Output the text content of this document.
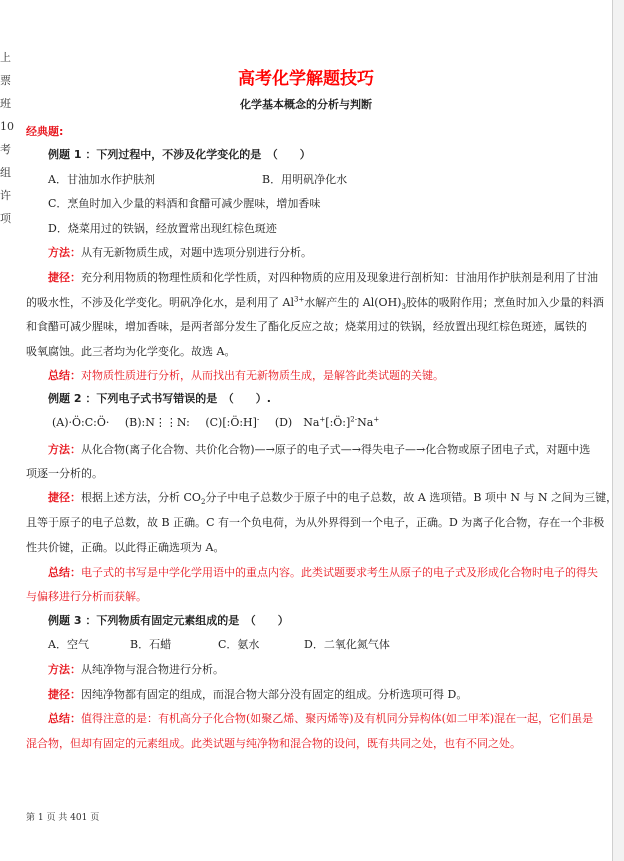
上
票
班
10
考
组
许
项
高考化学解题技巧
化学基本概念的分析与判断
经典题:
例题 1 ：下列过程中，不涉及化学变化的是　（　　）
A．甘油加水作护肤剂	B．用明矾净化水
C．烹鱼时加入少量的料酒和食醋可减少腥味，增加香味
D．烧菜用过的铁锅，经放置常出现红棕色斑迹
方法：从有无新物质生成，对题中选项分别进行分析。
捷径：充分利用物质的物理性质和化学性质，对四种物质的应用及现象进行剖析知：甘油用作护肤剂是利用了甘油
的吸水性，不涉及化学变化。明矾净化水，是利用了 $Al^{3+}$水解产生的 $Al(OH)_3$胶体的吸附作用；烹鱼时加入少量的料酒
和食醋可减少腥味，增加香味，是两者部分发生了酯化反应之故；烧菜用过的铁锅，经放置出现红棕色斑迹，属铁的
吸氧腐蚀。此三者均为化学变化。故选 A。
总结：对物质性质进行分析，从而找出有无新物质生成，是解答此类试题的关键。
例题 2 ：下列电子式书写错误的是　（　　）.
(A)·Ö:C:Ö· (B):N⋮⋮N: (C)[:Ö:H]- (D)　Na+[:Ö:]$^{2-}$Na+
方法：从化合物(离子化合物、共价化合物)—→原子的电子式—→得失电子—→化合物或原子团电子式，对题中选
项逐一分析的。
捷径：根据上述方法，分析 $CO_2$分子中电子总数少于原子中的电子总数，故 A 选项错。B 项中 N 与 N 之间为三键，
且等于原子的电子总数，故 B 正确。C 有一个负电荷，为从外界得到一个电子，正确。D 为离子化合物，存在一个非极
性共价键，正确。以此得正确选项为 A。
总结：电子式的书写是中学化学用语中的重点内容。此类试题要求考生从原子的电子式及形成化合物时电子的得失
与偏移进行分析而获解。
例题 3 ：下列物质有固定元素组成的是　（　　）
A．空气	B．石蜡	C．氨水	D．二氧化氮气体
方法：从纯净物与混合物进行分析。
捷径：因纯净物都有固定的组成，而混合物大部分没有固定的组成。分析选项可得 D。
总结：值得注意的是：有机高分子化合物(如聚乙烯、聚丙烯等)及有机同分异构体(如二甲苯)混在一起，它们虽是
混合物，但却有固定的元素组成。此类试题与纯净物和混合物的设问，既有共同之处，也有不同之处。
第 1 页 共 401 页
